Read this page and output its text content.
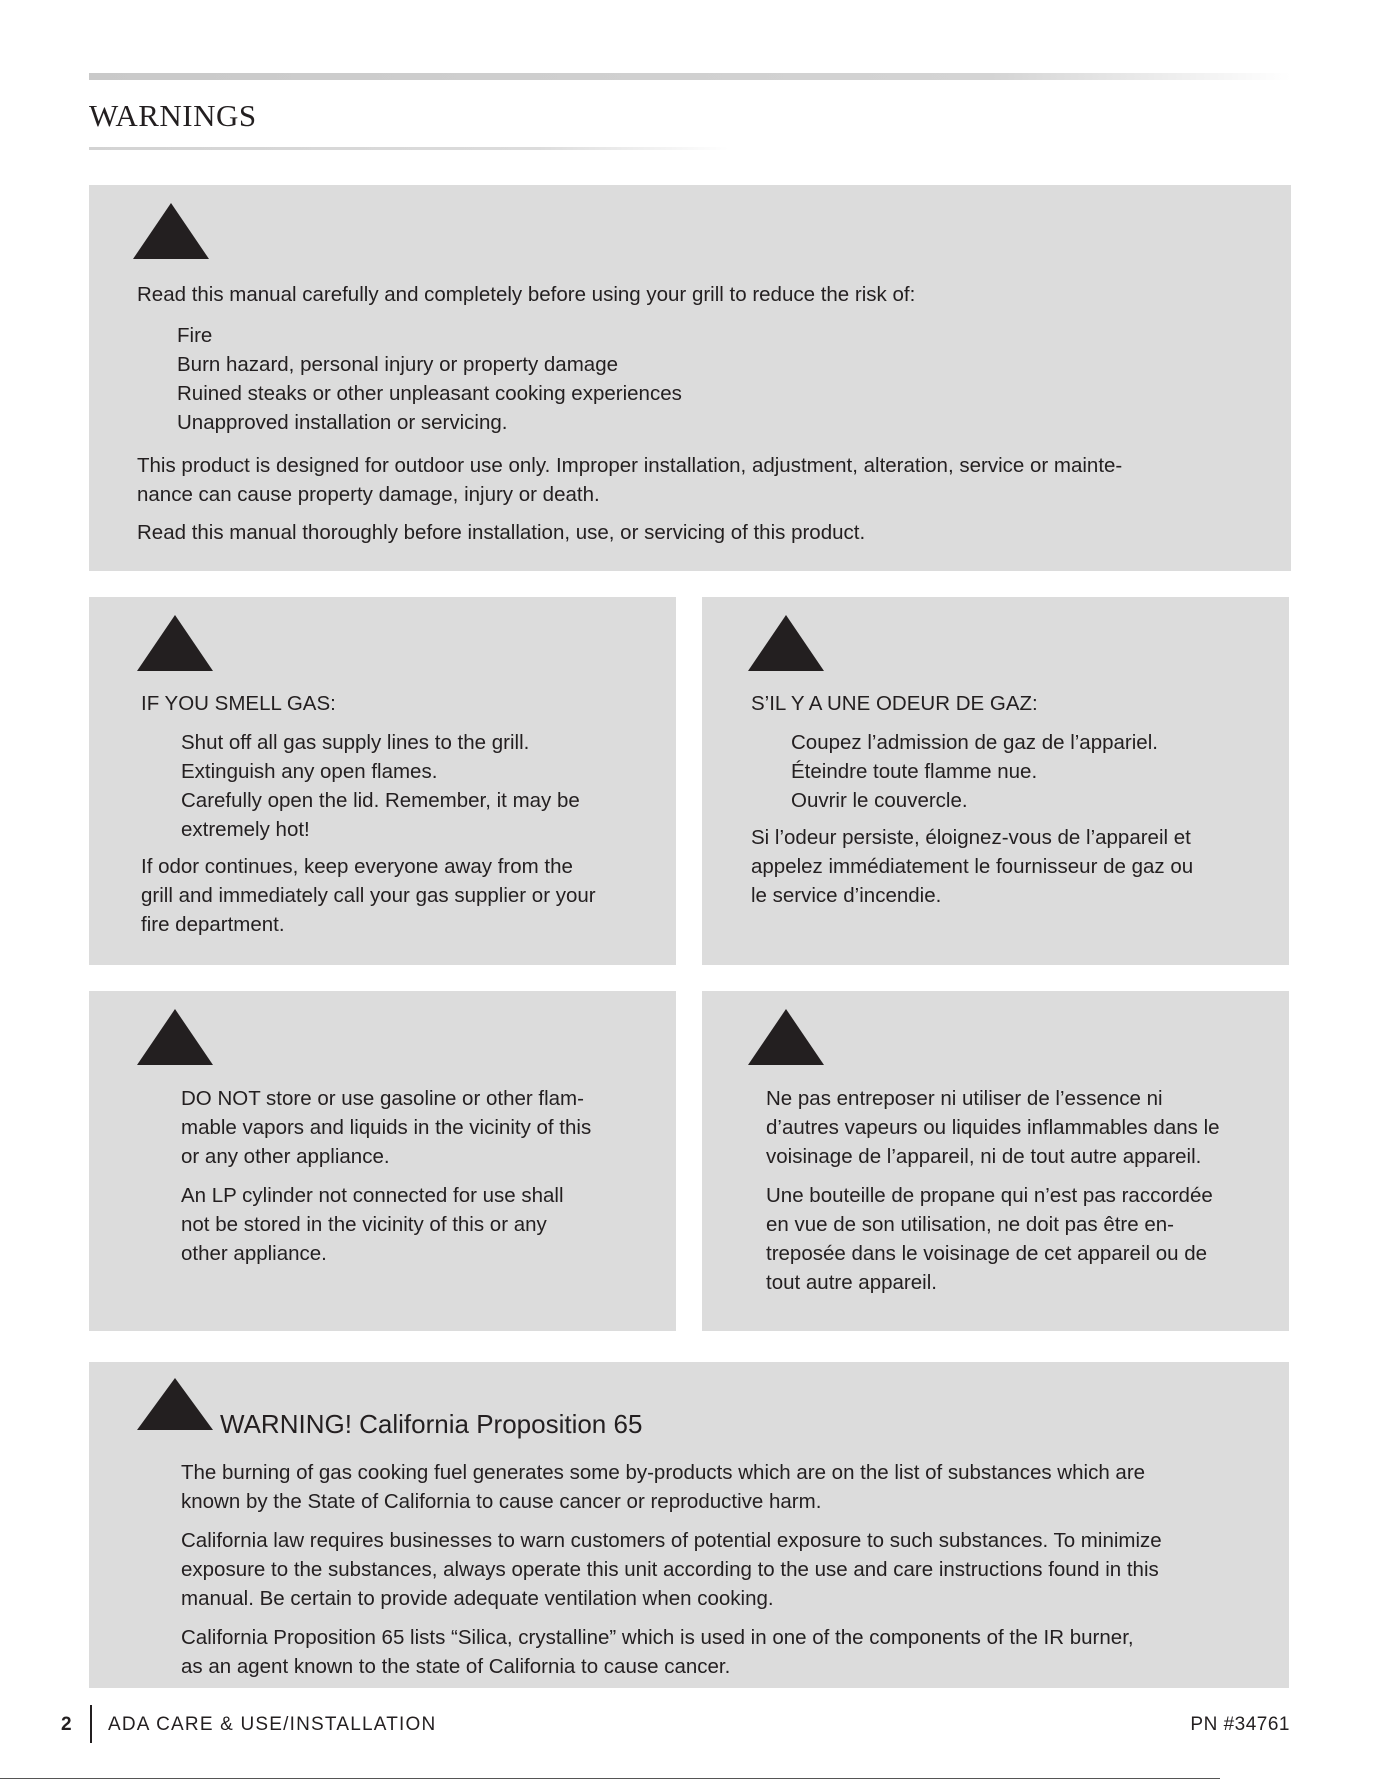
WARNINGS

Read this manual carefully and completely before using your grill to reduce the risk of:

Fire
Burn hazard, personal injury or property damage
Ruined steaks or other unpleasant cooking experiences
Unapproved installation or servicing.
This product is designed for outdoor use only. Improper installation, adjustment, alteration, service or mainte-
nance can cause property damage, injury or death.

Read this manual thoroughly before installation, use, or servicing of this product.

IF YOU SMELL GAS:

Shut off all gas supply lines to the grill.
Extinguish any open flames.
Carefully open the lid. Remember, it may be
extremely hot!
If odor continues, keep everyone away from the
grill and immediately call your gas supplier or your
fire department.

S’IL Y A UNE ODEUR DE GAZ:

Coupez l’admission de gaz de l’appariel.
Éteindre toute flamme nue.
Ouvrir le couvercle.
Si l’odeur persiste, éloignez-vous de l’appareil et
appelez immédiatement le fournisseur de gaz ou
le service d’incendie.
DO NOT store or use gasoline or other flam-
mable vapors and liquids in the vicinity of this
or any other appliance.
An LP cylinder not connected for use shall
not be stored in the vicinity of this or any
other appliance.
Ne pas entreposer ni utiliser de l’essence ni
d’autres vapeurs ou liquides inflammables dans le
voisinage de l’appareil, ni de tout autre appareil.
Une bouteille de propane qui n’est pas raccordée
en vue de son utilisation, ne doit pas être en-
treposée dans le voisinage de cet appareil ou de
tout autre appareil.
WARNING! California Proposition 65
The burning of gas cooking fuel generates some by-products which are on the list of substances which are
known by the State of California to cause cancer or reproductive harm.
California law requires businesses to warn customers of potential exposure to such substances. To minimize
exposure to the substances, always operate this unit according to the use and care instructions found in this
manual. Be certain to provide adequate ventilation when cooking.
California Proposition 65 lists “Silica, crystalline” which is used in one of the components of the IR burner,
as an agent known to the state of California to cause cancer.
2 ADA CARE & USE/INSTALLATION	PN #34761
